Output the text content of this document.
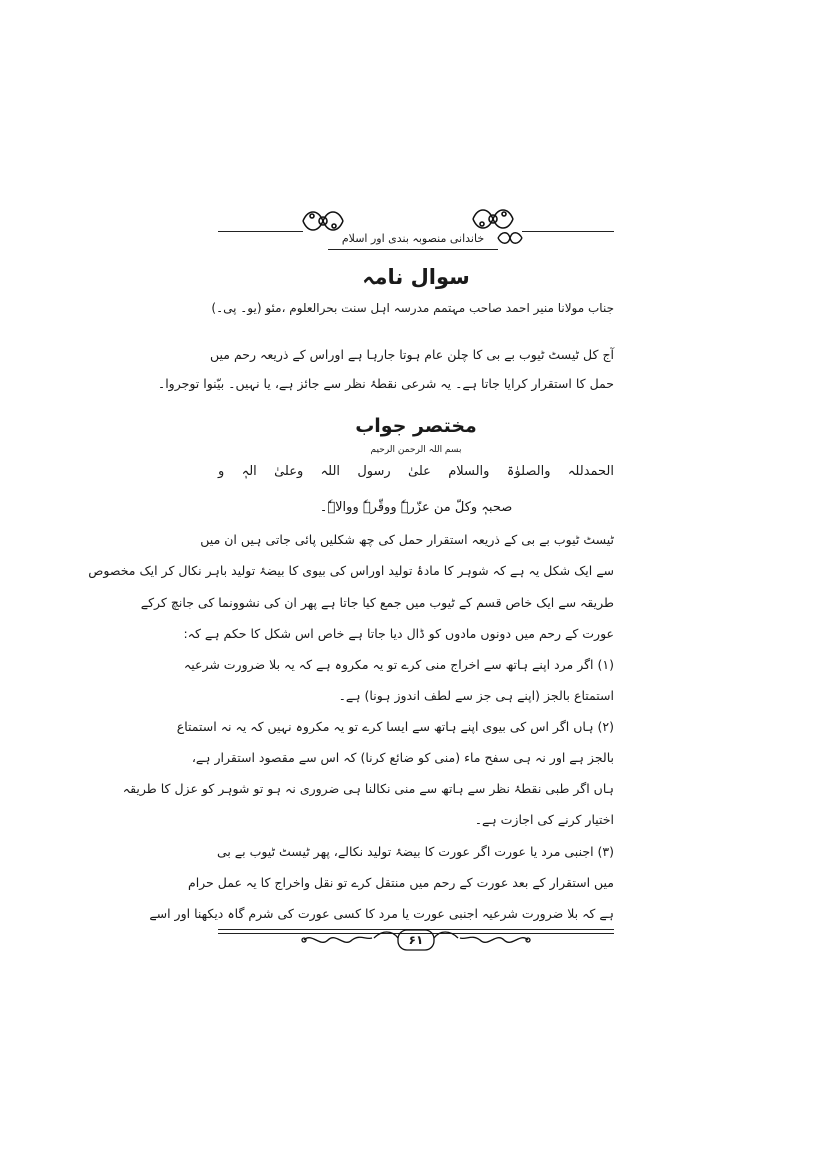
خاندانی منصوبہ بندی اور اسلام
سوال نامہ
جناب مولانا منیر احمد صاحب مہتمم مدرسہ اہل سنت بحرالعلوم ،مئو (یو۔ پی۔)
آج کل ٹیسٹ ٹیوب بے بی کا چلن عام ہوتا جارہا ہے اوراس کے ذریعہ رحم میں
حمل کا استقرار کرایا جاتا ہے۔ یہ شرعی نقطۂ نظر سے جائز ہے، یا نہیں۔ بیّنوا توجروا۔
مختصر جواب
بسم اللہ الرحمن الرحیم
الحمدللہ والصلوٰۃ والسلام علیٰ رسول اللہ وعلیٰ الہٖ و
صحبہٖ وکلّ من عزّرہٗ ووقّرہٗ ووالاہٗ۔
ٹیسٹ ٹیوب بے بی کے ذریعہ استقرار حمل کی چھ شکلیں پائی جاتی ہیں ان میں
سے ایک شکل یہ ہے کہ شوہر کا مادۂ تولید اوراس کی بیوی کا بیضۂ تولید باہر نکال کر ایک مخصوص
طریقہ سے ایک خاص قسم کے ٹیوب میں جمع کیا جاتا ہے پھر ان کی نشوونما کی جانچ کرکے
عورت کے رحم میں دونوں مادوں کو ڈال دیا جاتا ہے خاص اس شکل کا حکم ہے کہ:
(۱) اگر مرد اپنے ہاتھ سے اخراج منی کرے تو یہ مکروہ ہے کہ یہ بلا ضرورت شرعیہ
استمتاع بالجز (اپنے ہی جز سے لطف اندوز ہونا) ہے۔
(۲) ہاں اگر اس کی بیوی اپنے ہاتھ سے ایسا کرے تو یہ مکروہ نہیں کہ یہ نہ استمتاع
بالجز ہے اور نہ ہی سفح ماء (منی کو ضائع کرنا) کہ اس سے مقصود استقرار ہے،
ہاں اگر طبی نقطۂ نظر سے ہاتھ سے منی نکالنا ہی ضروری نہ ہو تو شوہر کو عزل کا طریقہ
اختیار کرنے کی اجازت ہے۔
(۳) اجنبی مرد یا عورت اگر عورت کا بیضۂ تولید نکالے، پھر ٹیسٹ ٹیوب بے بی
میں استقرار کے بعد عورت کے رحم میں منتقل کرے تو نقل واخراج کا یہ عمل حرام
ہے کہ بلا ضرورت شرعیہ اجنبی عورت یا مرد کا کسی عورت کی شرم گاہ دیکھنا اور اسے
۶۱
